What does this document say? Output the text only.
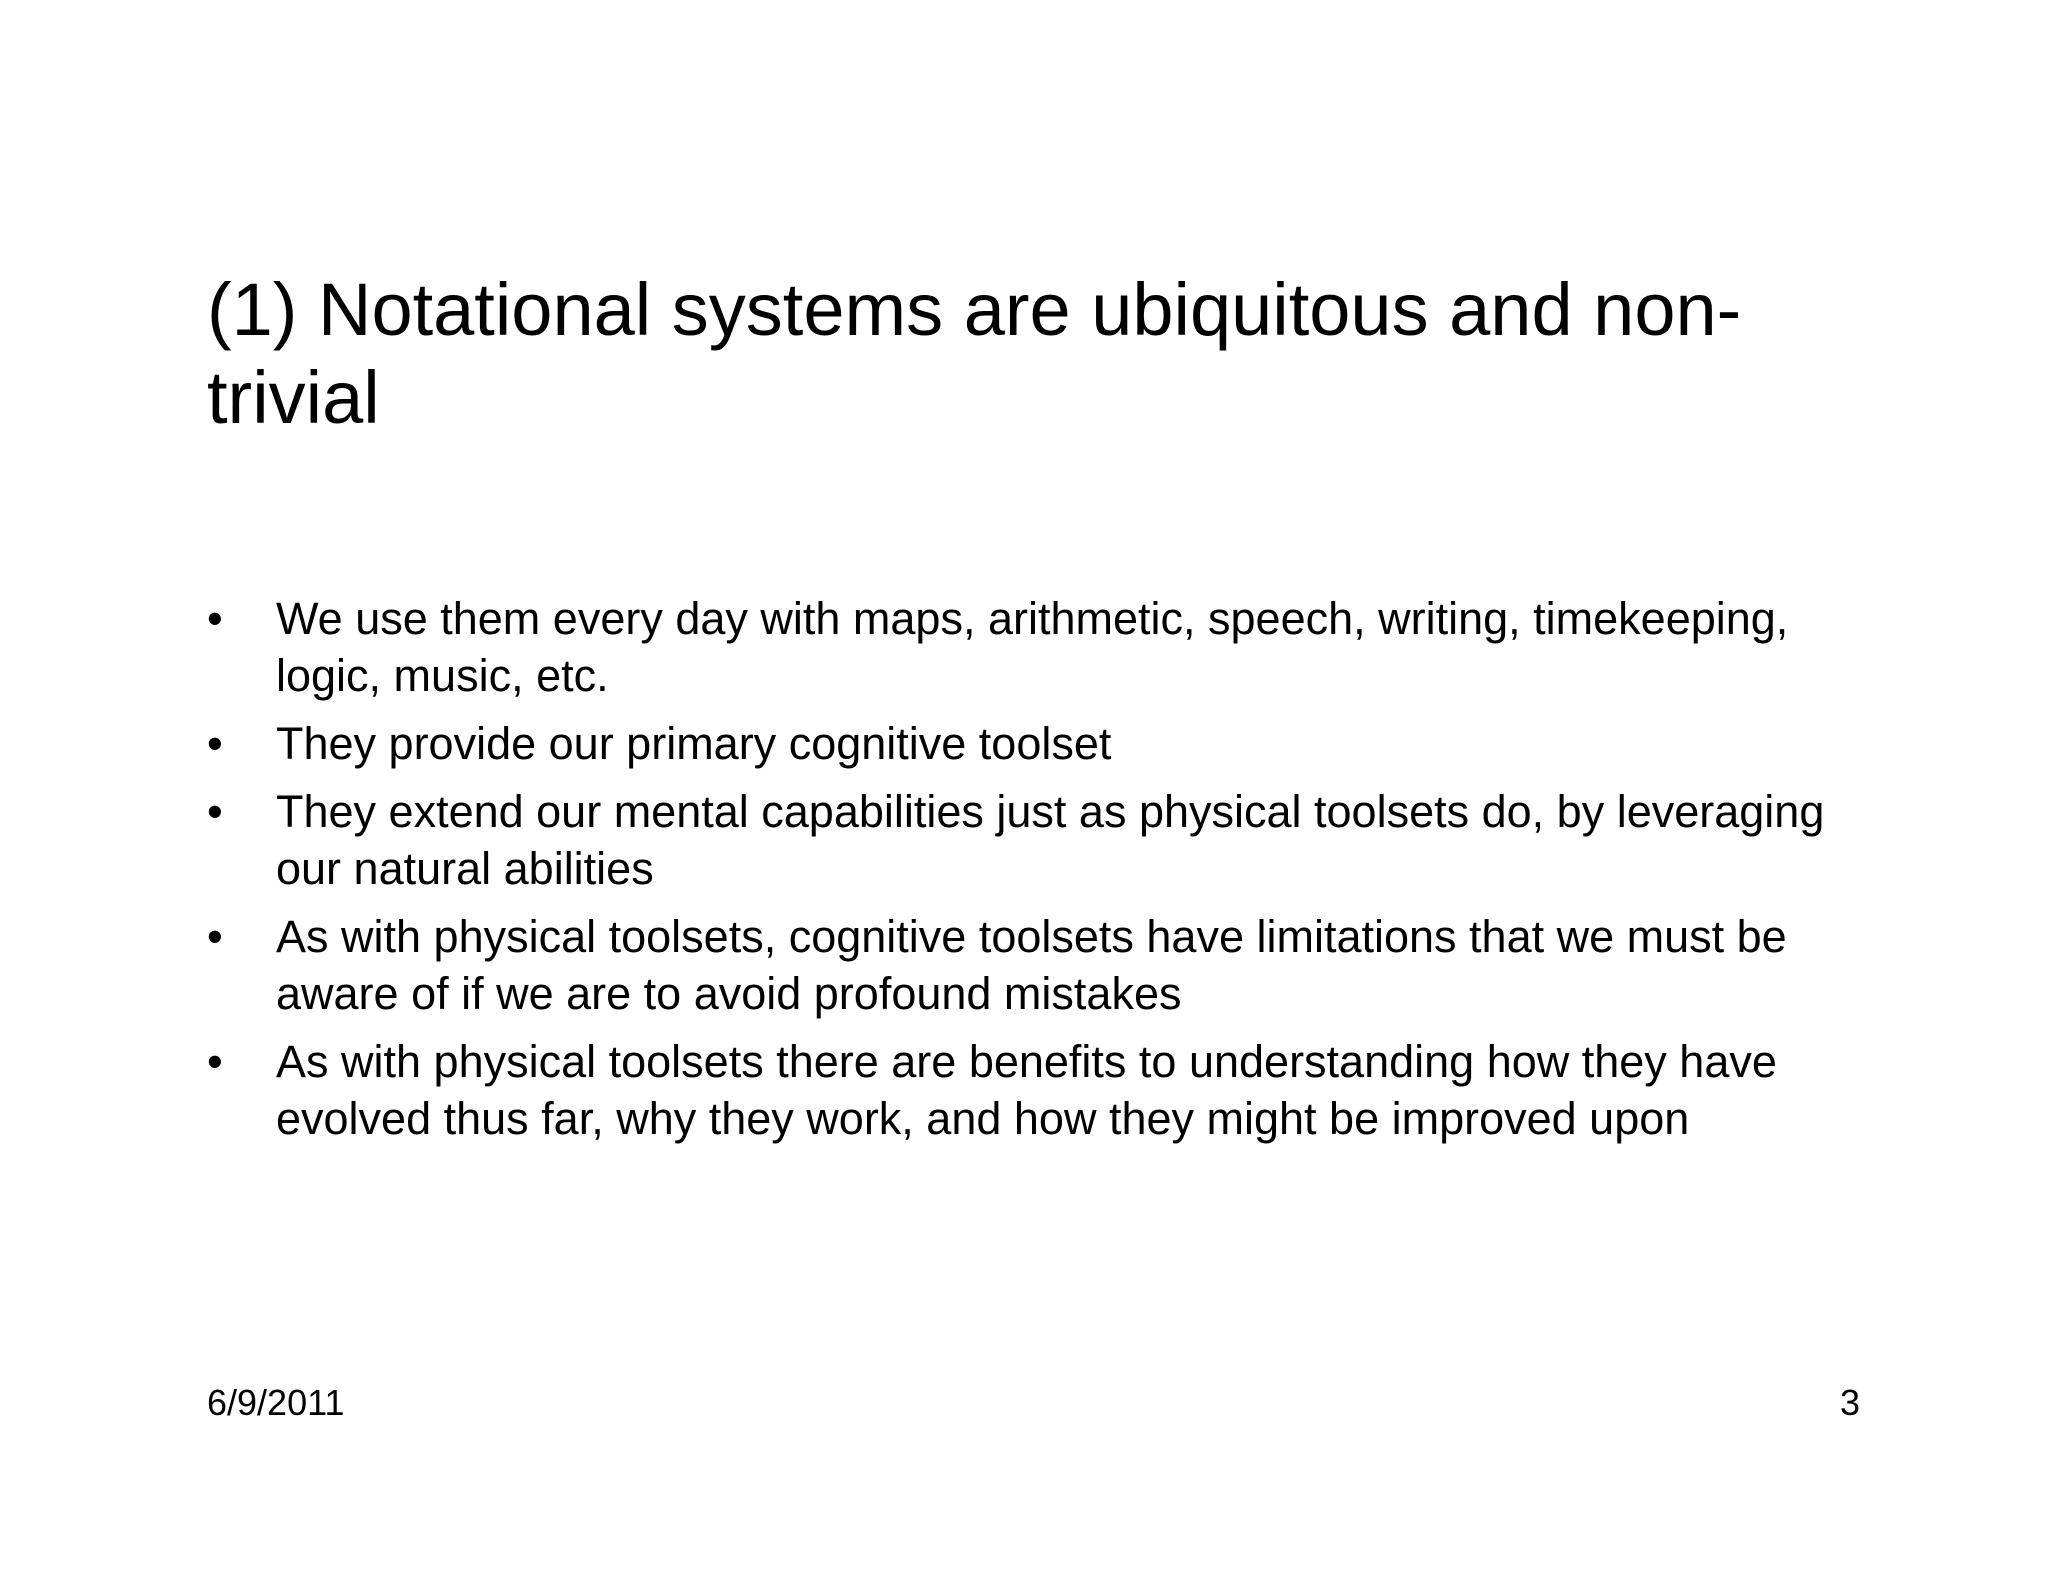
(1) Notational systems are ubiquitous and non-trivial
•	We use them every day with maps, arithmetic, speech, writing, timekeeping, logic, music, etc.
•	They provide our primary cognitive toolset
•	They extend our mental capabilities just as physical toolsets do, by leveraging our natural abilities
•	As with physical toolsets, cognitive toolsets have limitations that we must be aware of if we are to avoid profound mistakes
•	As with physical toolsets there are benefits to understanding how they have evolved thus far, why they work, and how they might be improved upon
6/9/2011	3
